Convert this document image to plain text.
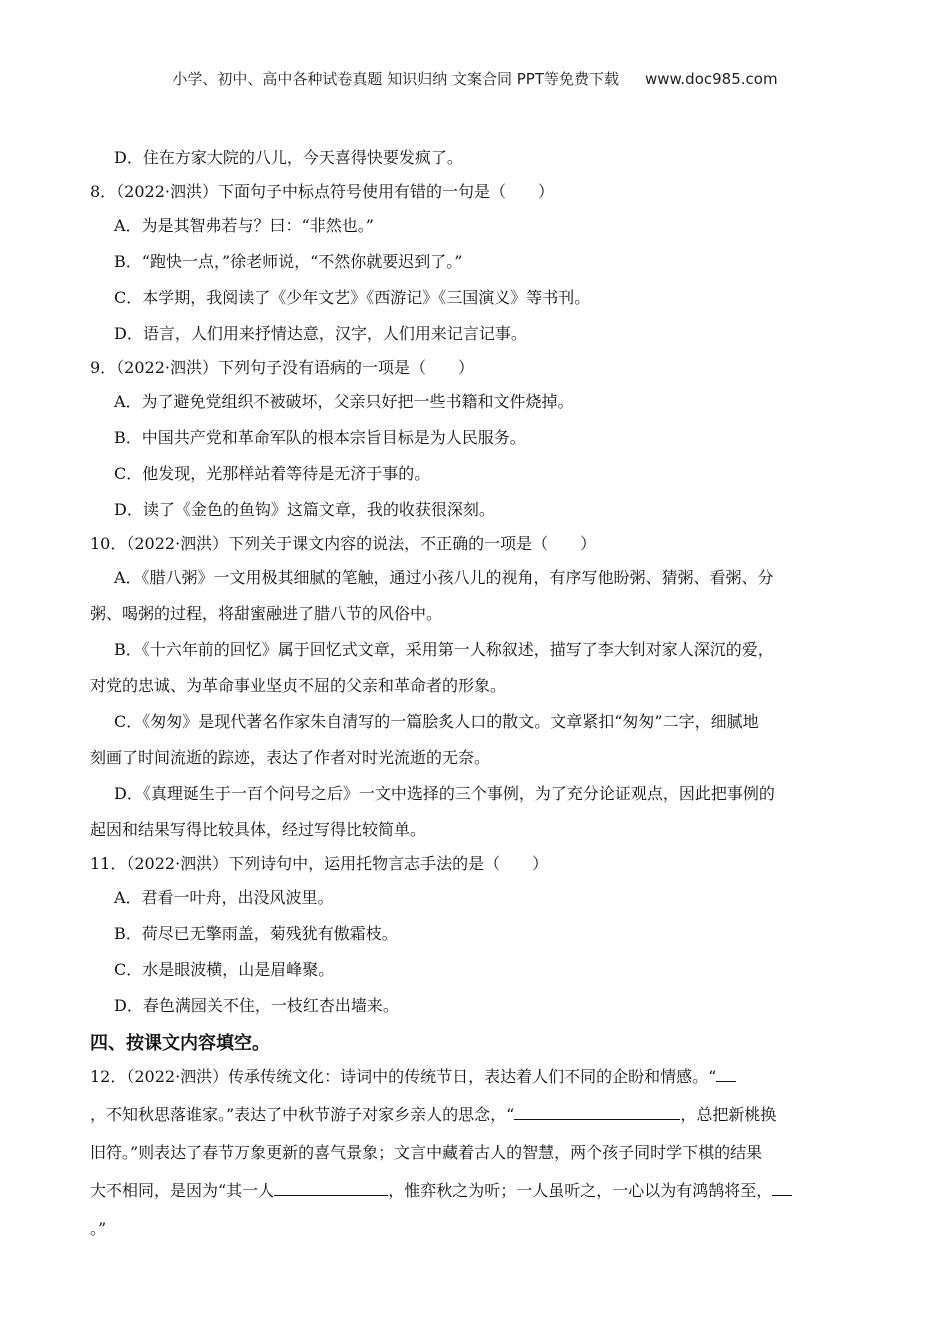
小学、初中、高中各种试卷真题 知识归纳 文案合同 PPT等免费下载 www.doc985.com
D．住在方家大院的八儿，今天喜得快要发疯了。
8．（2022·泗洪）下面句子中标点符号使用有错的一句是（　　）
A．为是其智弗若与？曰：“非然也。”
B．“跑快一点，”徐老师说，“不然你就要迟到了。”
C．本学期，我阅读了《少年文艺》《西游记》《三国演义》等书刊。
D．语言，人们用来抒情达意，汉字，人们用来记言记事。
9．（2022·泗洪）下列句子没有语病的一项是（　　）
A．为了避免党组织不被破坏，父亲只好把一些书籍和文件烧掉。
B．中国共产党和革命军队的根本宗旨目标是为人民服务。
C．他发现，光那样站着等待是无济于事的。
D．读了《金色的鱼钩》这篇文章，我的收获很深刻。
10．（2022·泗洪）下列关于课文内容的说法，不正确的一项是（　　）
A．《腊八粥》一文用极其细腻的笔触，通过小孩八儿的视角，有序写他盼粥、猜粥、看粥、分
粥、喝粥的过程，将甜蜜融进了腊八节的风俗中。
B．《十六年前的回忆》属于回忆式文章，采用第一人称叙述，描写了李大钊对家人深沉的爱，
对党的忠诚、为革命事业坚贞不屈的父亲和革命者的形象。
C．《匆匆》是现代著名作家朱自清写的一篇脍炙人口的散文。文章紧扣“匆匆”二字，细腻地
刻画了时间流逝的踪迹，表达了作者对时光流逝的无奈。
D．《真理诞生于一百个问号之后》一文中选择的三个事例，为了充分论证观点，因此把事例的
起因和结果写得比较具体，经过写得比较简单。
11．（2022·泗洪）下列诗句中，运用托物言志手法的是（　　）
A．君看一叶舟，出没风波里。
B．荷尽已无擎雨盖，菊残犹有傲霜枝。
C．水是眼波横，山是眉峰聚。
D．春色满园关不住，一枝红杏出墙来。
四、按课文内容填空。
12．（2022·泗洪）传承传统文化：诗词中的传统节日，表达着人们不同的企盼和情感。“
，不知秋思落谁家。”表达了中秋节游子对家乡亲人的思念，“	，总把新桃换
旧符。”则表达了春节万象更新的喜气景象；文言中藏着古人的智慧，两个孩子同时学下棋的结果
大不相同，是因为“其一人	，惟弈秋之为听；一人虽听之，一心以为有鸿鹄将至，
。”
